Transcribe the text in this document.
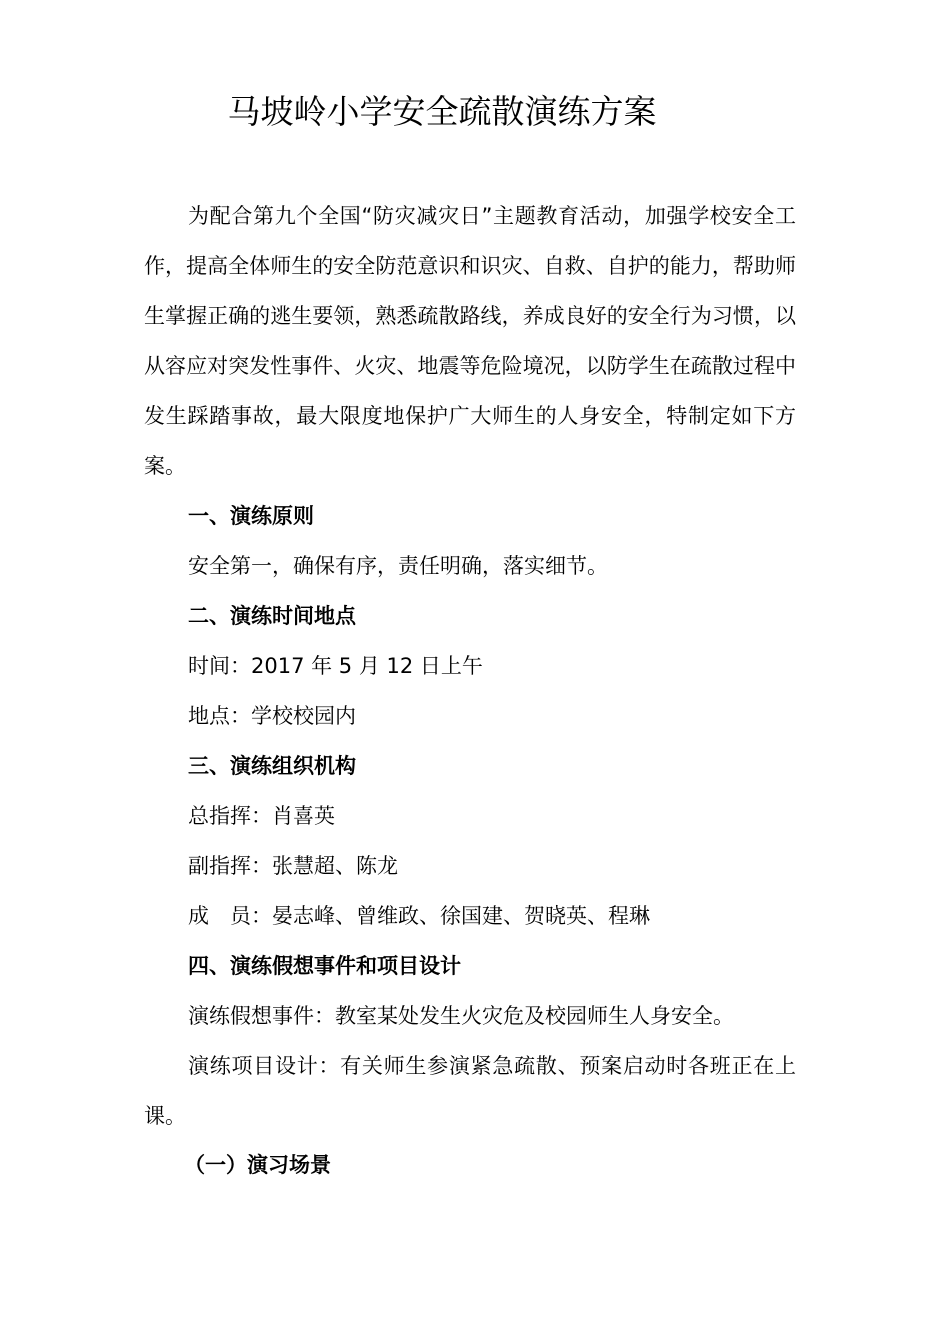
马坡岭小学安全疏散演练方案

为配合第九个全国“防灾减灾日”主题教育活动，加强学校安全工作，提高全体师生的安全防范意识和识灾、自救、自护的能力，帮助师生掌握正确的逃生要领，熟悉疏散路线，养成良好的安全行为习惯，以从容应对突发性事件、火灾、地震等危险境况，以防学生在疏散过程中发生踩踏事故，最大限度地保护广大师生的人身安全，特制定如下方案。

一、演练原则
安全第一，确保有序，责任明确，落实细节。
二、演练时间地点
时间：2017 年 5 月 12 日上午
地点：学校校园内
三、演练组织机构
总指挥：肖喜英
副指挥：张慧超、陈龙
成　员：晏志峰、曾维政、徐国建、贺晓英、程琳
四、演练假想事件和项目设计
演练假想事件：教室某处发生火灾危及校园师生人身安全。

演练项目设计：有关师生参演紧急疏散、预案启动时各班正在上课。

（一）演习场景
